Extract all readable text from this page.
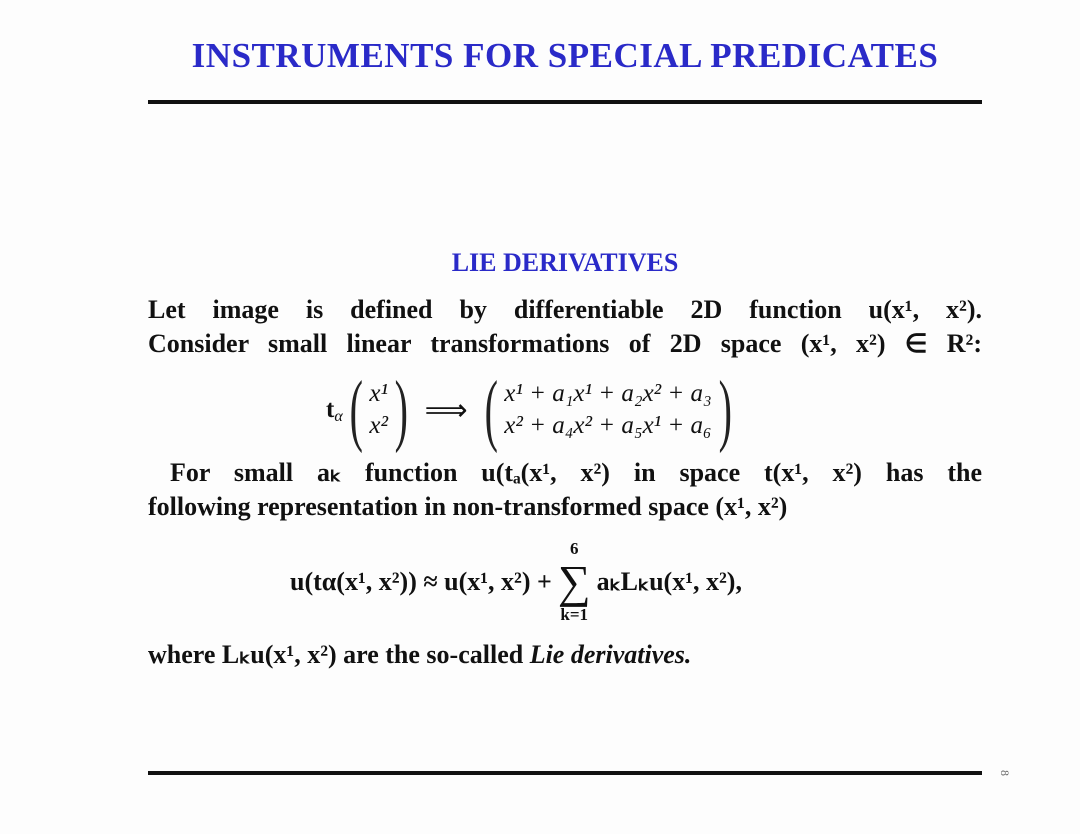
INSTRUMENTS FOR SPECIAL PREDICATES
LIE DERIVATIVES
Let image is defined by differentiable 2D function u(x¹, x²).
Consider small linear transformations of 2D space (x¹, x²) ∈ R²:
$t_\alpha$ ( x¹
x² ) ⟹ ( x¹ + a₁x¹ + a₂x² + a₃
x² + a₄x² + a₅x¹ + a₆ )
For small aₖ function u(tₐ(x¹, x²) in space t(x¹, x²) has the
following representation in non-transformed space (x¹, x²)
u(tα(x¹, x²)) ≈ u(x¹, x²) +
6
∑
k=1
aₖLₖu(x¹, x²),
where Lₖu(x¹, x²) are the so-called Lie derivatives.
8
